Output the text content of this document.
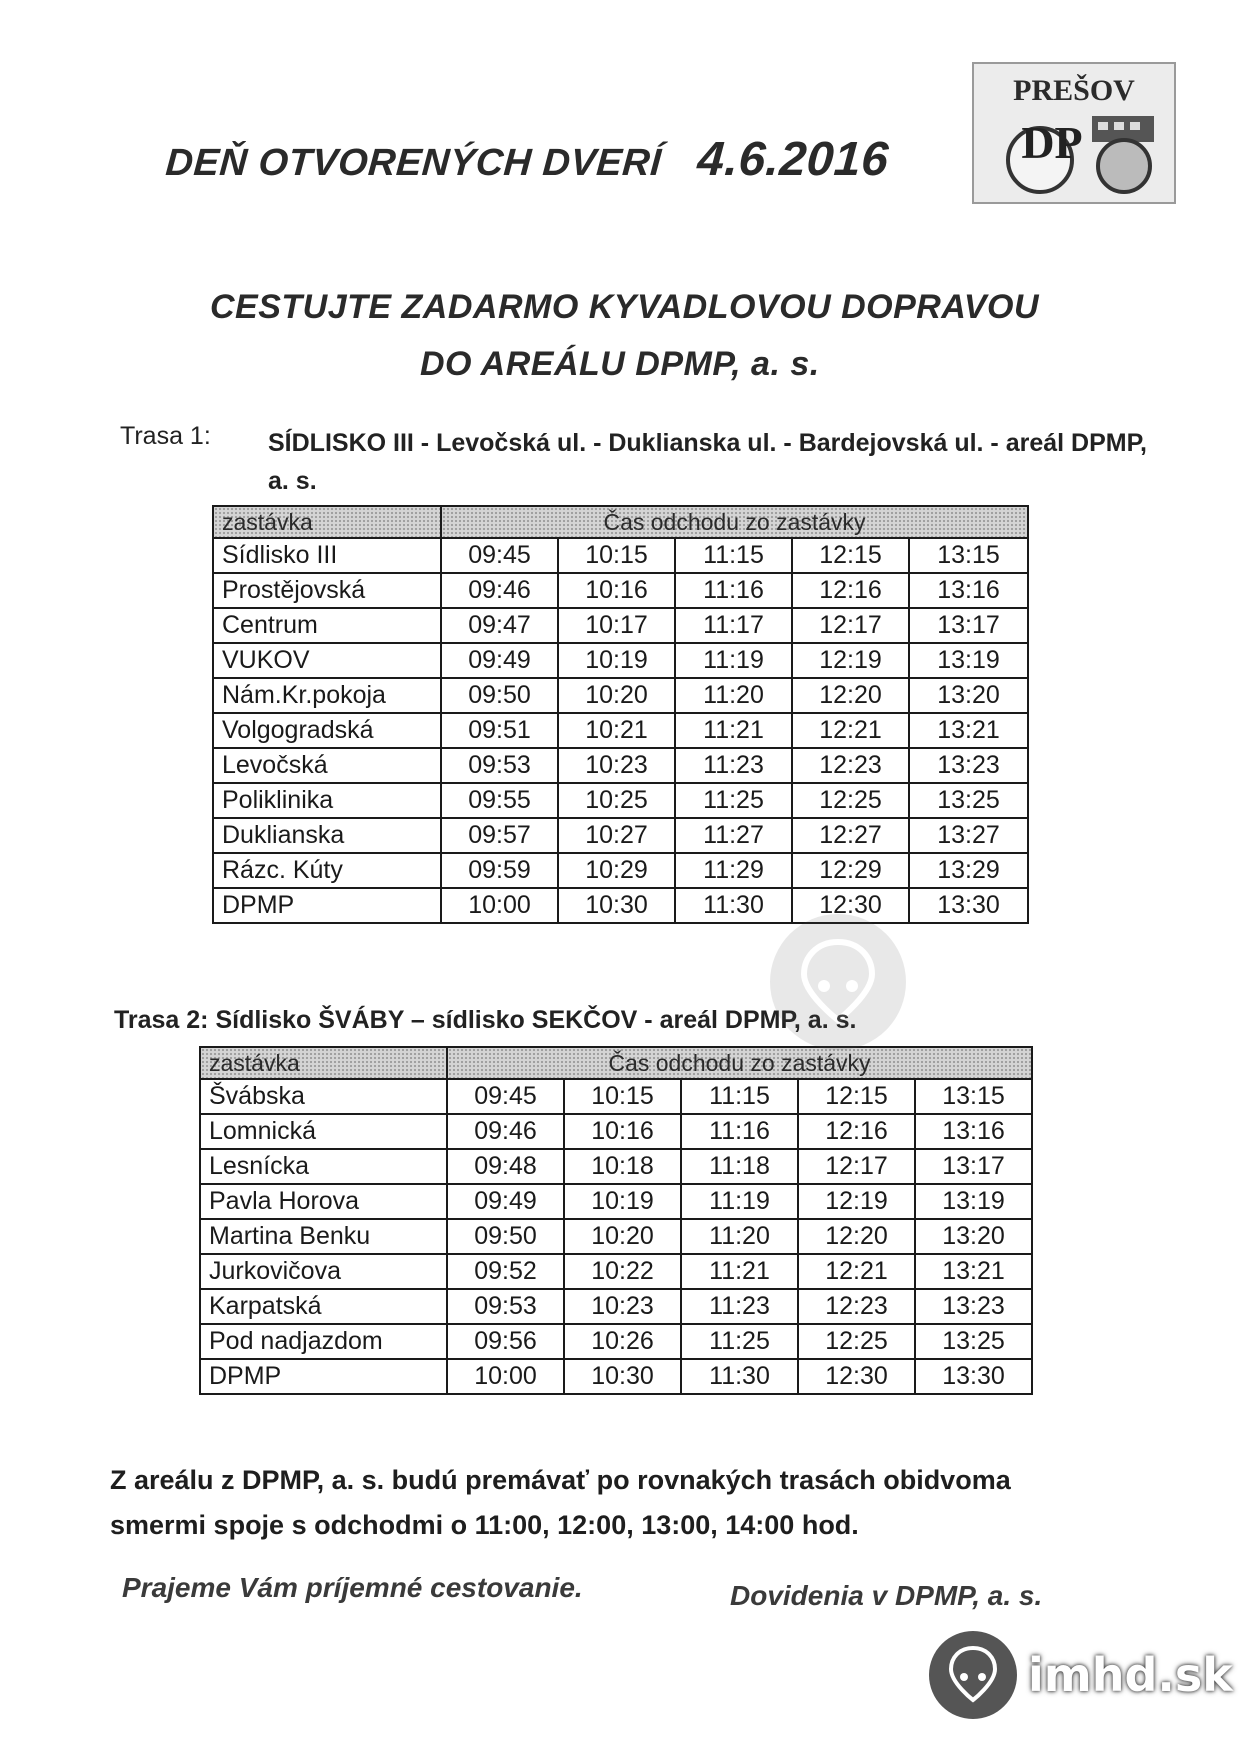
DEŇ OTVORENÝCH DVERÍ 4.6.2016
PREŠOV
DP
CESTUJTE ZADARMO KYVADLOVOU DOPRAVOU
DO AREÁLU DPMP, a. s.
Trasa 1: SÍDLISKO III - Levočská ul. - Duklianska ul. - Bardejovská ul. - areál DPMP, a. s.
zastávka	Čas odchodu zo zastávky				
Sídlisko III	09:45	10:15	11:15	12:15	13:15
Prostějovská	09:46	10:16	11:16	12:16	13:16
Centrum	09:47	10:17	11:17	12:17	13:17
VUKOV	09:49	10:19	11:19	12:19	13:19
Nám.Kr.pokoja	09:50	10:20	11:20	12:20	13:20
Volgogradská	09:51	10:21	11:21	12:21	13:21
Levočská	09:53	10:23	11:23	12:23	13:23
Poliklinika	09:55	10:25	11:25	12:25	13:25
Duklianska	09:57	10:27	11:27	12:27	13:27
Rázc. Kúty	09:59	10:29	11:29	12:29	13:29
DPMP	10:00	10:30	11:30	12:30	13:30
Trasa 2: Sídlisko ŠVÁBY – sídlisko SEKČOV - areál DPMP, a. s.
zastávka	Čas odchodu zo zastávky				
Švábska	09:45	10:15	11:15	12:15	13:15
Lomnická	09:46	10:16	11:16	12:16	13:16
Lesnícka	09:48	10:18	11:18	12:17	13:17
Pavla Horova	09:49	10:19	11:19	12:19	13:19
Martina Benku	09:50	10:20	11:20	12:20	13:20
Jurkovičova	09:52	10:22	11:21	12:21	13:21
Karpatská	09:53	10:23	11:23	12:23	13:23
Pod nadjazdom	09:56	10:26	11:25	12:25	13:25
DPMP	10:00	10:30	11:30	12:30	13:30
Z areálu z DPMP, a. s. budú premávať po rovnakých trasách obidvoma smermi spoje s odchodmi o 11:00, 12:00, 13:00, 14:00 hod.
Prajeme Vám príjemné cestovanie.	Dovidenia v DPMP, a. s.
imhd.sk
